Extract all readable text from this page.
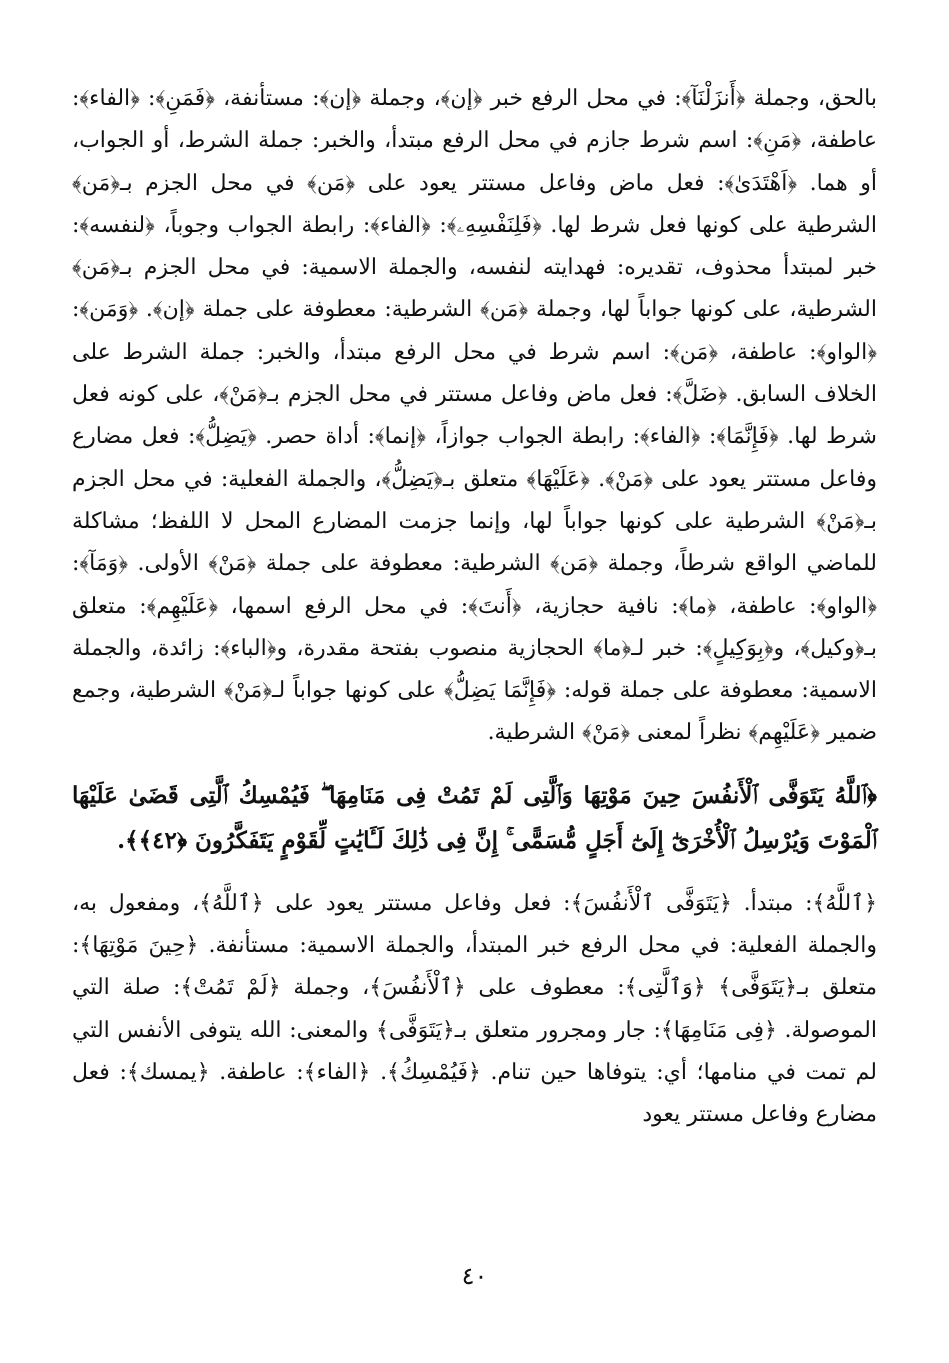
بالحق، وجملة ﴿أَنزَلْنَآ﴾: في محل الرفع خبر ﴿إن﴾، وجملة ﴿إن﴾: مستأنفة، ﴿فَمَنِ﴾: ﴿الفاء﴾: عاطفة، ﴿مَنِ﴾: اسم شرط جازم في محل الرفع مبتدأ، والخبر: جملة الشرط، أو الجواب، أو هما. ﴿اَهْتَدَىٰ﴾: فعل ماض وفاعل مستتر يعود على ﴿مَن﴾ في محل الجزم بـ﴿مَن﴾ الشرطية على كونها فعل شرط لها. ﴿فَلِنَفْسِهِۦ﴾: ﴿الفاء﴾: رابطة الجواب وجوباً، ﴿لنفسه﴾: خبر لمبتدأ محذوف، تقديره: فهدايته لنفسه، والجملة الاسمية: في محل الجزم بـ﴿مَن﴾ الشرطية، على كونها جواباً لها، وجملة ﴿مَن﴾ الشرطية: معطوفة على جملة ﴿إن﴾. ﴿وَمَن﴾: ﴿الواو﴾: عاطفة، ﴿مَن﴾: اسم شرط في محل الرفع مبتدأ، والخبر: جملة الشرط على الخلاف السابق. ﴿ضَلَّ﴾: فعل ماض وفاعل مستتر في محل الجزم بـ﴿مَنْ﴾، على كونه فعل شرط لها. ﴿فَإِنَّمَا﴾: ﴿الفاء﴾: رابطة الجواب جوازاً، ﴿إنما﴾: أداة حصر. ﴿يَضِلُّ﴾: فعل مضارع وفاعل مستتر يعود على ﴿مَنْ﴾. ﴿عَلَيْهَا﴾ متعلق بـ﴿يَضِلُّ﴾، والجملة الفعلية: في محل الجزم بـ﴿مَنْ﴾ الشرطية على كونها جواباً لها، وإنما جزمت المضارع المحل لا اللفظ؛ مشاكلة للماضي الواقع شرطاً، وجملة ﴿مَن﴾ الشرطية: معطوفة على جملة ﴿مَنْ﴾ الأولى. ﴿وَمَآ﴾: ﴿الواو﴾: عاطفة، ﴿ما﴾: نافية حجازية، ﴿أَنتَ﴾: في محل الرفع اسمها، ﴿عَلَيْهِم﴾: متعلق بـ﴿وكيل﴾، و﴿بِوَكِيلٍ﴾: خبر لـ﴿ما﴾ الحجازية منصوب بفتحة مقدرة، و﴿الباء﴾: زائدة، والجملة الاسمية: معطوفة على جملة قوله: ﴿فَإِنَّمَا يَضِلُّ﴾ على كونها جواباً لـ﴿مَنْ﴾ الشرطية، وجمع ضمير ﴿عَلَيْهِم﴾ نظراً لمعنى ﴿مَنْ﴾ الشرطية.

﴿ٱللَّهُ يَتَوَفَّى ٱلْأَنفُسَ حِينَ مَوْتِهَا وَٱلَّتِى لَمْ تَمُتْ فِى مَنَامِهَا ۖ فَيُمْسِكُ ٱلَّتِى قَضَىٰ عَلَيْهَا ٱلْمَوْتَ وَيُرْسِلُ ٱلْأُخْرَىٰٓ إِلَىٰٓ أَجَلٍ مُّسَمًّى ۚ إِنَّ فِى ذَٰلِكَ لَـَٔايَٰتٍ لِّقَوْمٍ يَتَفَكَّرُونَ ﴿٤٢﴾﴾.

﴿ٱللَّهُ﴾: مبتدأ. ﴿يَتَوَفَّى ٱلْأَنفُسَ﴾: فعل وفاعل مستتر يعود على ﴿ٱللَّهُ﴾، ومفعول به، والجملة الفعلية: في محل الرفع خبر المبتدأ، والجملة الاسمية: مستأنفة. ﴿حِينَ مَوْتِهَا﴾: متعلق بـ﴿يَتَوَفَّى﴾ ﴿وَٱلَّتِى﴾: معطوف على ﴿ٱلْأَنفُسَ﴾، وجملة ﴿لَمْ تَمُتْ﴾: صلة التي الموصولة. ﴿فِى مَنَامِهَا﴾: جار ومجرور متعلق بـ﴿يَتَوَفَّى﴾ والمعنى: الله يتوفى الأنفس التي لم تمت في منامها؛ أي: يتوفاها حين تنام. ﴿فَيُمْسِكُ﴾. ﴿الفاء﴾: عاطفة. ﴿يمسك﴾: فعل مضارع وفاعل مستتر يعود

٤٠
